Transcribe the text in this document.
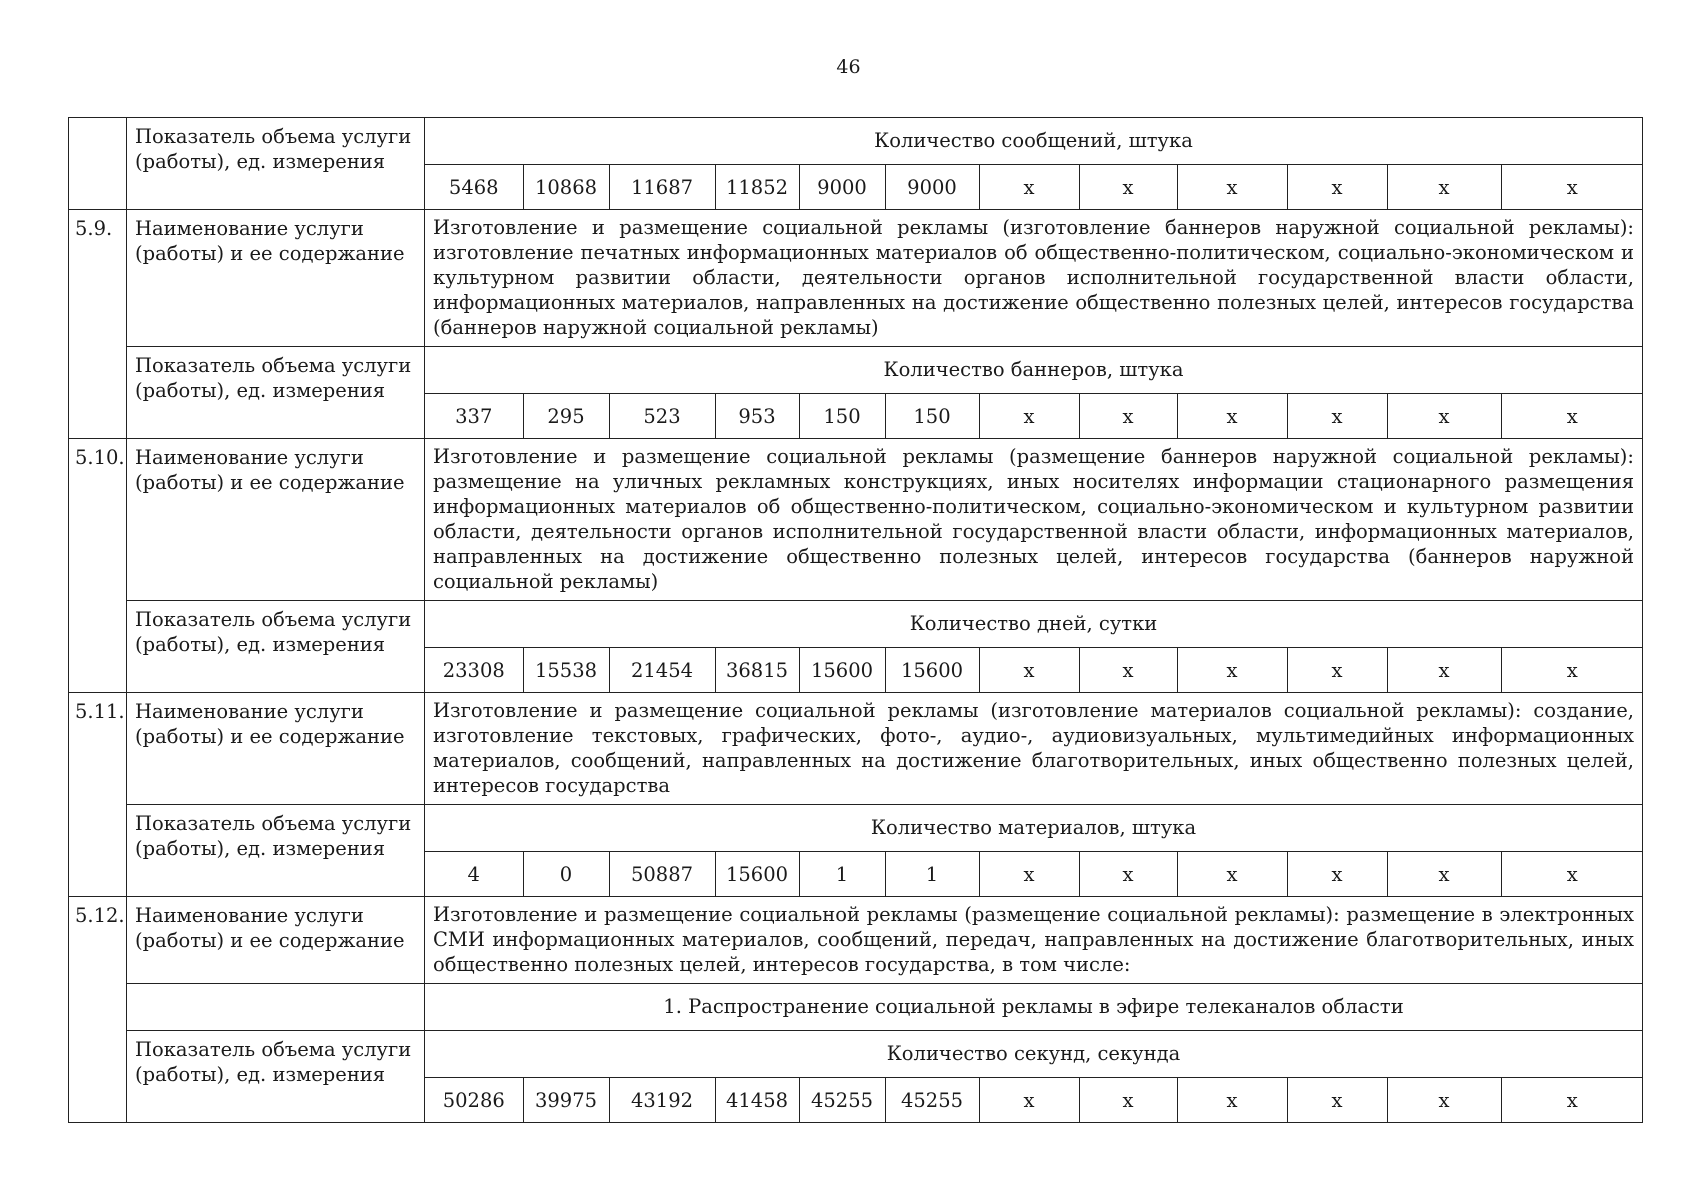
46
	Показатель объема услуги (работы), ед. измерения	
Количество сообщений, штука
5468	10868	11687	11852	9000	9000	х	х	х	х	х	х

5.9.	Наименование услуги (работы) и ее содержание	Изготовление и размещение социальной рекламы (изготовление баннеров наружной социальной рекламы): изготовление печатных информационных материалов об общественно-политическом, социально-экономическом и культурном развитии области, деятельности органов исполнительной государственной власти области, информационных материалов, направленных на достижение общественно полезных целей, интересов государства (баннеров наружной социальной рекламы)
Показатель объема услуги (работы), ед. измерения	
Количество баннеров, штука
337	295	523	953	150	150	х	х	х	х	х	х

5.10.	Наименование услуги (работы) и ее содержание	Изготовление и размещение социальной рекламы (размещение баннеров наружной социальной рекламы): размещение на уличных рекламных конструкциях, иных носителях информации стационарного размещения информационных материалов об общественно-политическом, социально-экономическом и культурном развитии области, деятельности органов исполнительной государственной власти области, информационных материалов, направленных на достижение общественно полезных целей, интересов государства (баннеров наружной социальной рекламы)
Показатель объема услуги (работы), ед. измерения	
Количество дней, сутки
23308	15538	21454	36815	15600	15600	х	х	х	х	х	х

5.11.	Наименование услуги (работы) и ее содержание	Изготовление и размещение социальной рекламы (изготовление материалов социальной рекламы): создание, изготовление текстовых, графических, фото-, аудио-, аудиовизуальных, мультимедийных информационных материалов, сообщений, направленных на достижение благотворительных, иных общественно полезных целей, интересов государства
Показатель объема услуги (работы), ед. измерения	
Количество материалов, штука
4	0	50887	15600	1	1	х	х	х	х	х	х

5.12.	Наименование услуги (работы) и ее содержание	Изготовление и размещение социальной рекламы (размещение социальной рекламы): размещение в электронных СМИ информационных материалов, сообщений, передач, направленных на достижение благотворительных, иных общественно полезных целей, интересов государства, в том числе:

1. Распространение социальной рекламы в эфире телеканалов области

Показатель объема услуги (работы), ед. измерения	
Количество секунд, секунда
50286	39975	43192	41458	45255	45255	х	х	х	х	х	х
